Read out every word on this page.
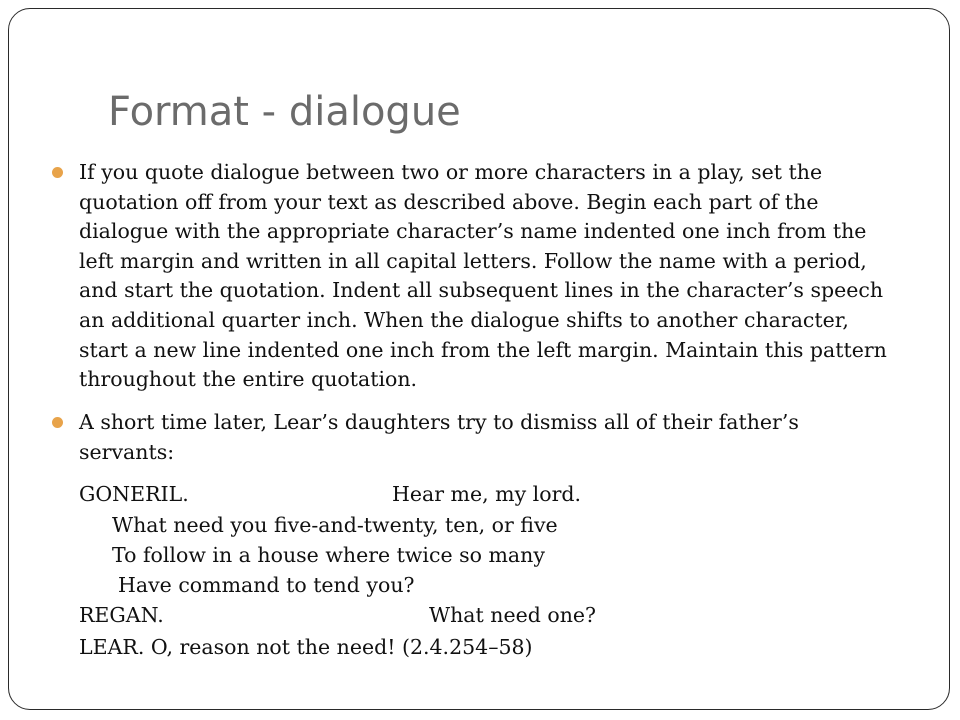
Format - dialogue
If you quote dialogue between two or more characters in a play, set the quotation off from your text as described above. Begin each part of the dialogue with the appropriate character’s name indented one inch from the left margin and written in all capital letters. Follow the name with a period, and start the quotation. Indent all subsequent lines in the character’s speech an additional quarter inch. When the dialogue shifts to another character, start a new line indented one inch from the left margin. Maintain this pattern throughout the entire quotation.
A short time later, Lear’s daughters try to dismiss all of their father’s servants:
GONERIL.	Hear me, my lord.
What need you five-and-twenty, ten, or five
To follow in a house where twice so many
Have command to tend you?
REGAN.	What need one?
LEAR. O, reason not the need! (2.4.254–58)
